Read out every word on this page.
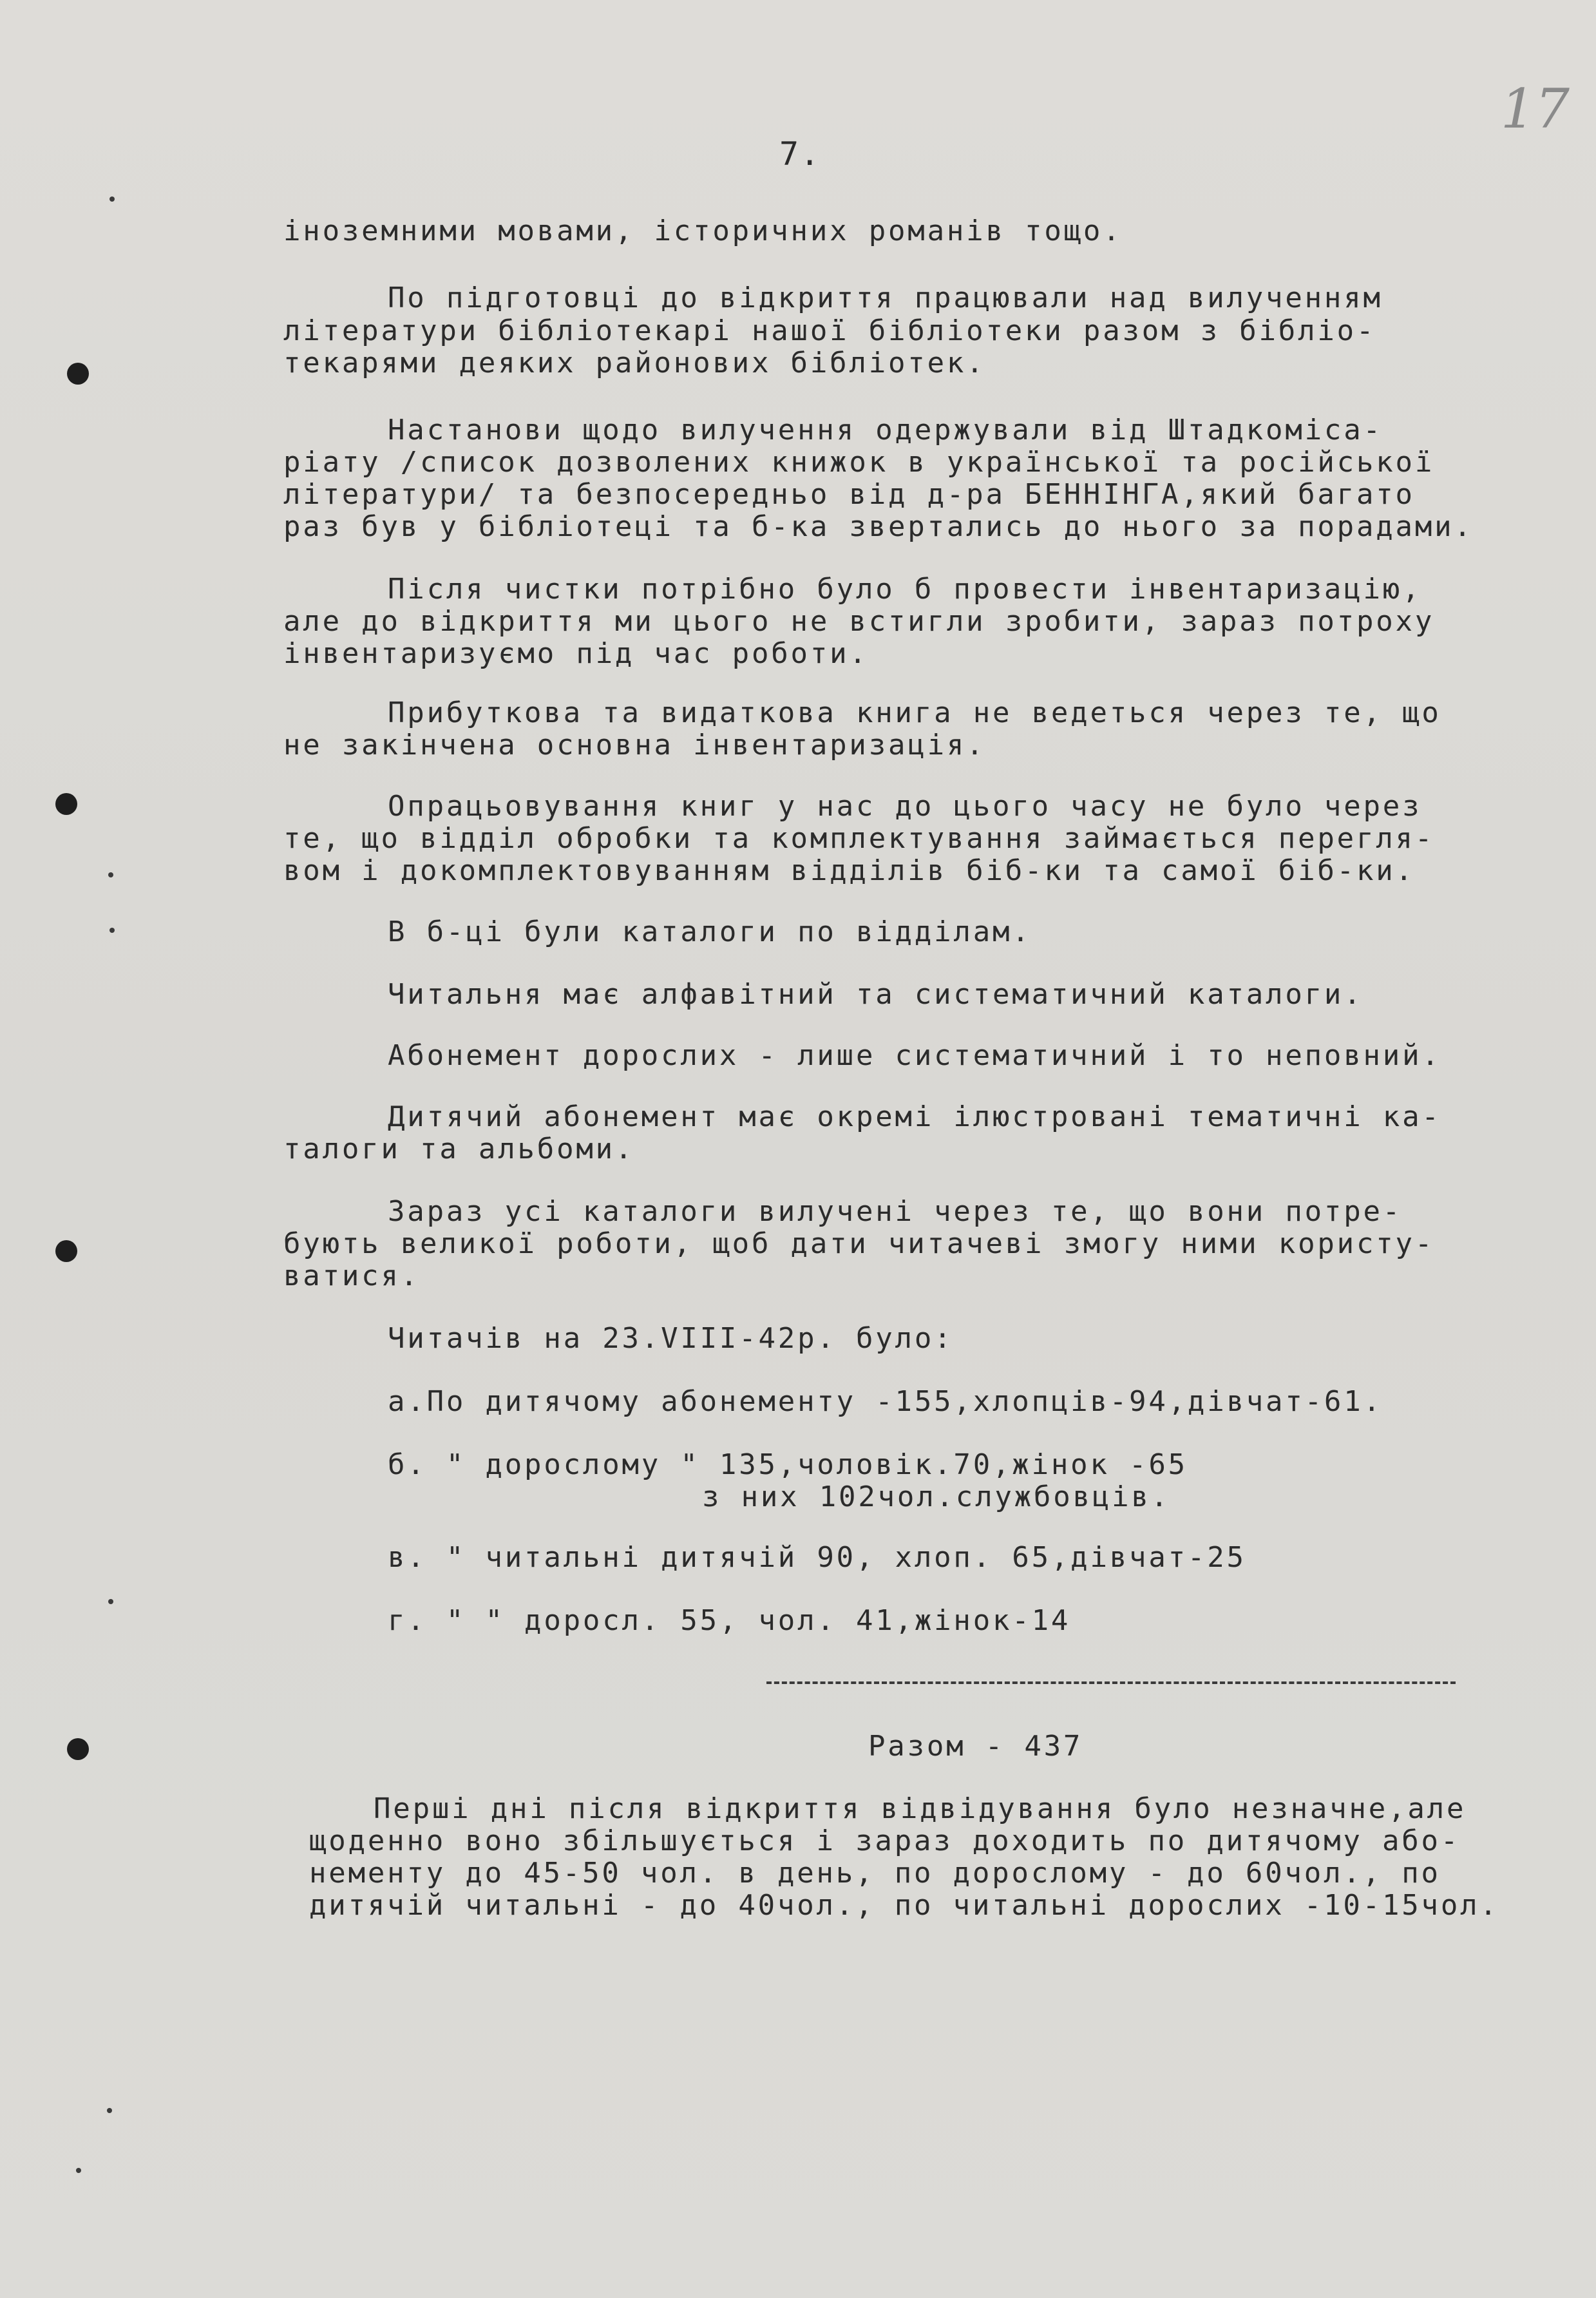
17
7.
іноземними мовами, історичних романів тощо.
По підготовці до відкриття працювали над вилученням
літератури бібліотекарі нашої бібліотеки разом з бібліо-
текарями деяких районових бібліотек.
Настанови щодо вилучення одержували від Штадкоміса-
ріату /список дозволених книжок в української та російської
літератури/ та безпосередньо від д-ра БЕННІНГА,який багато
раз був у бібліотеці та б-ка звертались до нього за порадами.
Після чистки потрібно було б провести інвентаризацію,
але до відкриття ми цього не встигли зробити, зараз потроху
інвентаризуємо під час роботи.
Прибуткова та видаткова книга не ведеться через те, що
не закінчена основна інвентаризація.
Опрацьовування книг у нас до цього часу не було через
те, що відділ обробки та комплектування займається перегля-
вом і докомплектовуванням відділів біб-ки та самої біб-ки.
В б-ці були каталоги по відділам.
Читальня має алфавітний та систематичний каталоги.
Абонемент дорослих - лише систематичний і то неповний.
Дитячий абонемент має окремі ілюстровані тематичні ка-
талоги та альбоми.
Зараз усі каталоги вилучені через те, що вони потре-
бують великої роботи, щоб дати читачеві змогу ними користу-
ватися.
Читачів на 23.VIII-42р. було:
а.По дитячому абонементу -155,хлопців-94,дівчат-61.
б. " дорослому " 135,чоловік.70,жінок -65
з них 102чол.службовців.
в. " читальні дитячій 90, хлоп. 65,дівчат-25
г. " " доросл. 55, чол. 41,жінок-14
Разом - 437
Перші дні після відкриття відвідування було незначне,але
щоденно воно збільшується і зараз доходить по дитячому або-
нементу до 45-50 чол. в день, по дорослому - до 60чол., по
дитячій читальні - до 40чол., по читальні дорослих -10-15чол.
